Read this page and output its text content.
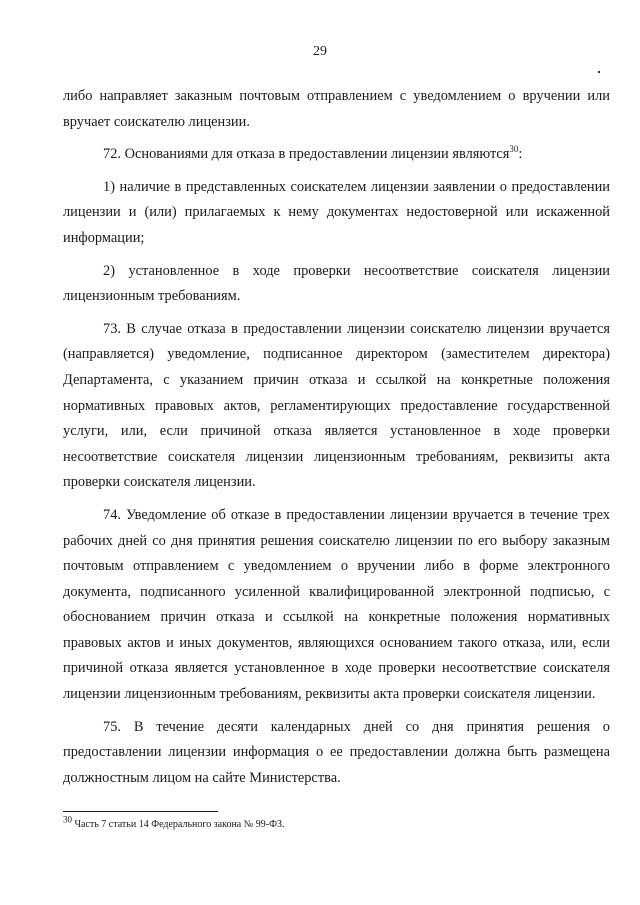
29

либо направляет заказным почтовым отправлением с уведомлением о вручении или вручает соискателю лицензии.

72. Основаниями для отказа в предоставлении лицензии являются$^{30}$:

1) наличие в представленных соискателем лицензии заявлении о предоставлении лицензии и (или) прилагаемых к нему документах недостоверной или искаженной информации;

2) установленное в ходе проверки несоответствие соискателя лицензии лицензионным требованиям.

73. В случае отказа в предоставлении лицензии соискателю лицензии вручается (направляется) уведомление, подписанное директором (заместителем директора) Департамента, с указанием причин отказа и ссылкой на конкретные положения нормативных правовых актов, регламентирующих предоставление государственной услуги, или, если причиной отказа является установленное в ходе проверки несоответствие соискателя лицензии лицензионным требованиям, реквизиты акта проверки соискателя лицензии.

74. Уведомление об отказе в предоставлении лицензии вручается в течение трех рабочих дней со дня принятия решения соискателю лицензии по его выбору заказным почтовым отправлением с уведомлением о вручении либо в форме электронного документа, подписанного усиленной квалифицированной электронной подписью, с обоснованием причин отказа и ссылкой на конкретные положения нормативных правовых актов и иных документов, являющихся основанием такого отказа, или, если причиной отказа является установленное в ходе проверки несоответствие соискателя лицензии лицензионным требованиям, реквизиты акта проверки соискателя лицензии.

75. В течение десяти календарных дней со дня принятия решения о предоставлении лицензии информация о ее предоставлении должна быть размещена должностным лицом на сайте Министерства.

$^{30}$ Часть 7 статьи 14 Федерального закона № 99-ФЗ.
